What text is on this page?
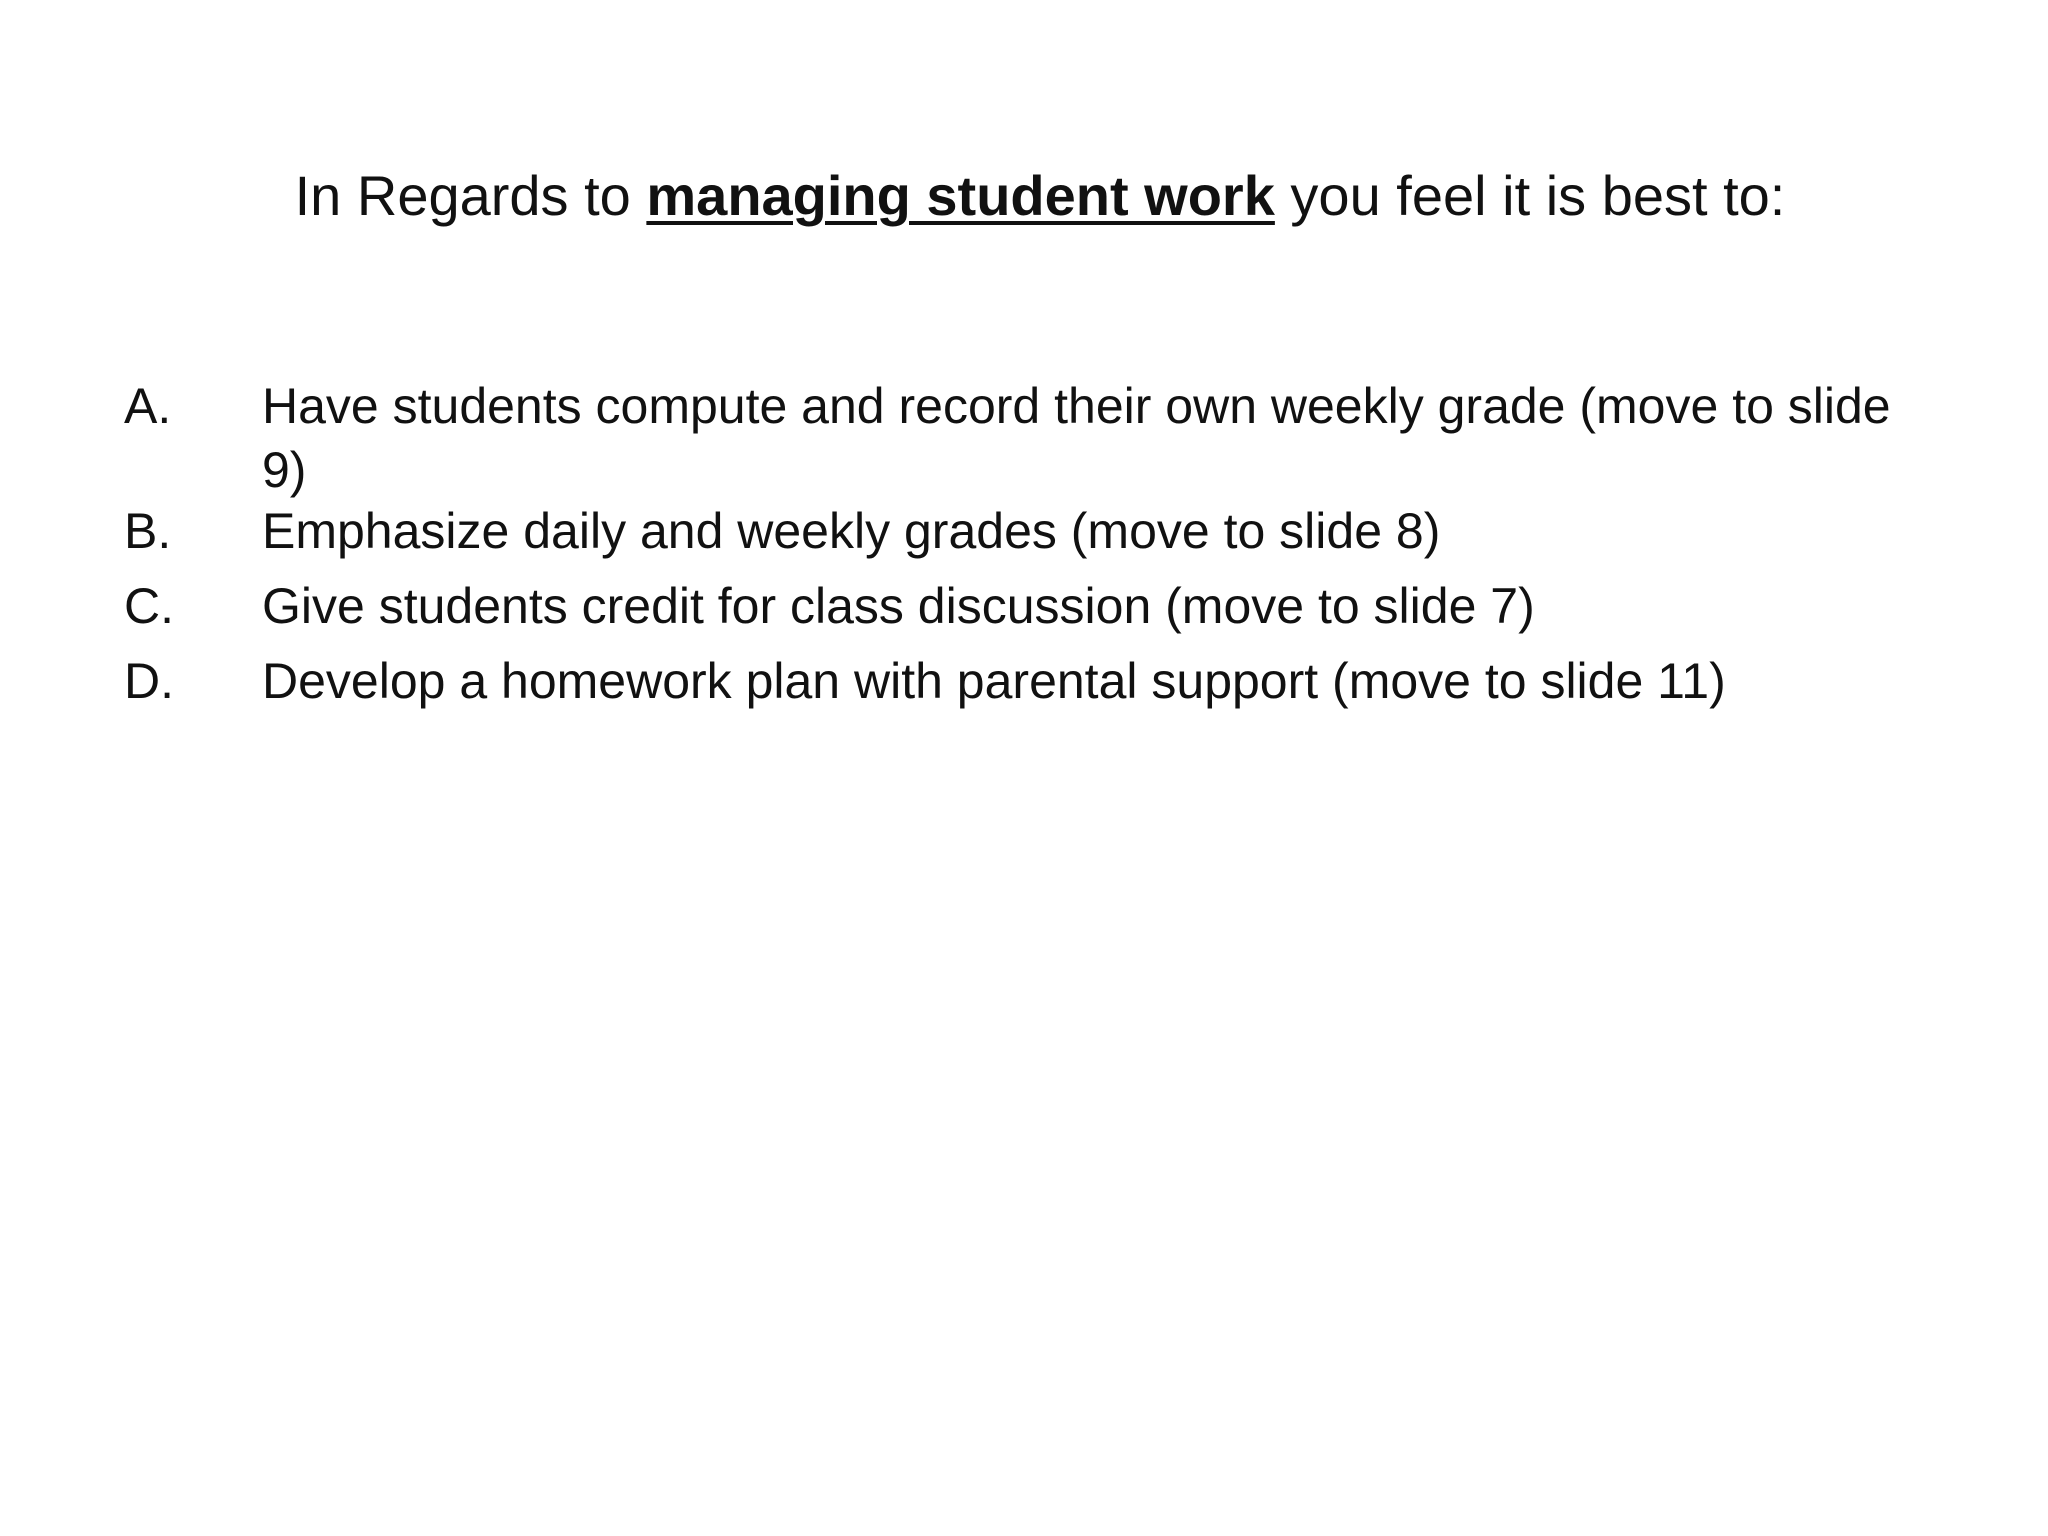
In Regards to managing student work you feel it is best to:
A.	Have students compute and record their own weekly grade (move to slide
9)
B.	Emphasize daily and weekly grades (move to slide 8)
C.	Give students credit for class discussion (move to slide 7)
D.	Develop a homework plan with parental support (move to slide 11)
